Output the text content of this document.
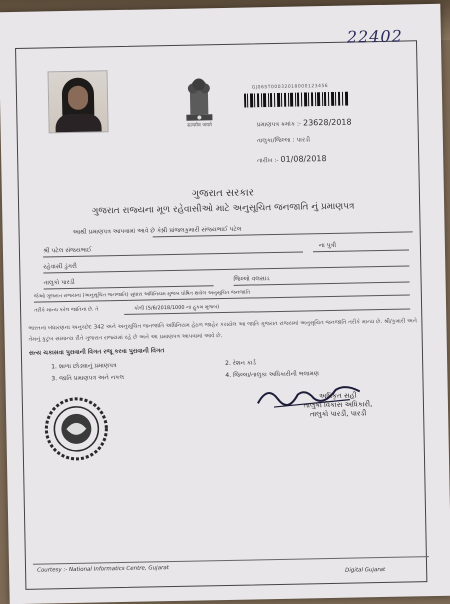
22402
सत्यमेव जयते
GJ06ST00032018000123456
પ્રમાણપત્ર ક્રમાંક :- 23628/2018
તાલુકા/જિલ્લા : પારડી
તારીખ :- 01/08/2018
ગુજરાત સરકાર
ગુજરાત રાજ્યના મૂળ રહેવાસીઓ માટે અનુસૂચિત જનજાતિ નું પ્રમાણપત્ર
આથી પ્રમાણપત્ર આપવામાં આવે છે કે,
શ્રી પ્રાંજલકુમારી સંજયભાઈ પટેલ
શ્રી પટેલ સંજયભાઈ
ના પુત્રી
રહેવાસી ડુંગરી
તાલુકો પારડી	જિલ્લો વલસાડ
જેઓ ગુજરાત રાજ્યના (અનુસૂચિત જનજાતિ) સુધારા અધિનિયમ મુજબ ઘોષિત થયેલ અનુસૂચિત જનજાતિ
તરીકે માન્ય કરેલ જાતિના છે. તે	કોળી (5/6/2018/1000 ના હુકમ મુજબ)
ભારતના બંધારણના અનુચ્છેદ 342 અને અનુસૂચિત જનજાતિ અધિનિયમ હેઠળ જાહેર કરાયેલ આ જાતિ ગુજરાત રાજ્યમાં અનુસૂચિત જનજાતિ તરીકે માન્ય છે. શ્રી/કુમારી અને તેમનું કુટુંબ સામાન્ય રીતે ગુજરાત રાજ્યમાં રહે છે અને આ પ્રમાણપત્ર આપવામાં આવે છે.
સત્ય ચકાસવા પુરાવાની વિગત રજૂ કરવા પુરાવાની વિગત
1. શાળા છોડ્યાનું પ્રમાણપત્ર	2. રેશન કાર્ડ
3. જાતિ પ્રમાણપત્ર અને નકલ	4. જિલ્લા/તાલુકા અધિકારીની ભલામણ
અધિકૃત સહી
તાલુકા વિકાસ અધિકારી,
તાલુકો પારડી, પારડી
Courtesy :- National Informatics Centre, Gujarat	Digital Gujarat
